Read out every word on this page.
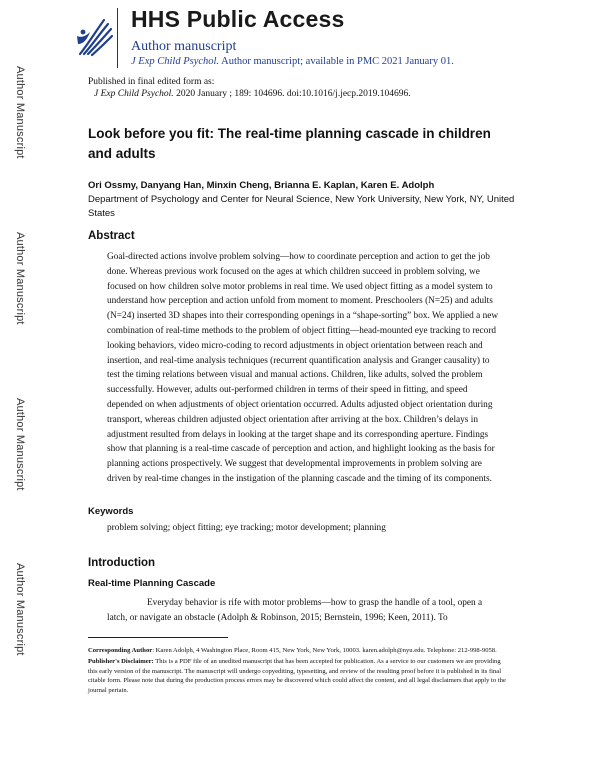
Author Manuscript
Author Manuscript
Author Manuscript
Author Manuscript
HHS Public Access
Author manuscript
J Exp Child Psychol. Author manuscript; available in PMC 2021 January 01.
Published in final edited form as:
J Exp Child Psychol. 2020 January ; 189: 104696. doi:10.1016/j.jecp.2019.104696.
Look before you fit: The real-time planning cascade in children and adults
Ori Ossmy, Danyang Han, Minxin Cheng, Brianna E. Kaplan, Karen E. Adolph
Department of Psychology and Center for Neural Science, New York University, New York, NY, United States
Abstract

Goal-directed actions involve problem solving—how to coordinate perception and action to get the job done. Whereas previous work focused on the ages at which children succeed in problem solving, we focused on how children solve motor problems in real time. We used object fitting as a model system to understand how perception and action unfold from moment to moment. Preschoolers (N=25) and adults (N=24) inserted 3D shapes into their corresponding openings in a “shape-sorting” box. We applied a new combination of real-time methods to the problem of object fitting—head-mounted eye tracking to record looking behaviors, video micro-coding to record adjustments in object orientation between reach and insertion, and real-time analysis techniques (recurrent quantification analysis and Granger causality) to test the timing relations between visual and manual actions. Children, like adults, solved the problem successfully. However, adults out-performed children in terms of their speed in fitting, and speed depended on when adjustments of object orientation occurred. Adults adjusted object orientation during transport, whereas children adjusted object orientation after arriving at the box. Children’s delays in adjustment resulted from delays in looking at the target shape and its corresponding aperture. Findings show that planning is a real-time cascade of perception and action, and highlight looking as the basis for planning actions prospectively. We suggest that developmental improvements in problem solving are driven by real-time changes in the instigation of the planning cascade and the timing of its components.

Keywords
problem solving; object fitting; eye tracking; motor development; planning
Introduction
Real-time Planning Cascade

Everyday behavior is rife with motor problems—how to grasp the handle of a tool, open a latch, or navigate an obstacle (Adolph & Robinson, 2015; Bernstein, 1996; Keen, 2011). To

Corresponding Author: Karen Adolph, 4 Washington Place, Room 415, New York, New York, 10003. karen.adolph@nyu.edu. Telephone: 212-998-9058.

Publisher's Disclaimer: This is a PDF file of an unedited manuscript that has been accepted for publication. As a service to our customers we are providing this early version of the manuscript. The manuscript will undergo copyediting, typesetting, and review of the resulting proof before it is published in its final citable form. Please note that during the production process errors may be discovered which could affect the content, and all legal disclaimers that apply to the journal pertain.
